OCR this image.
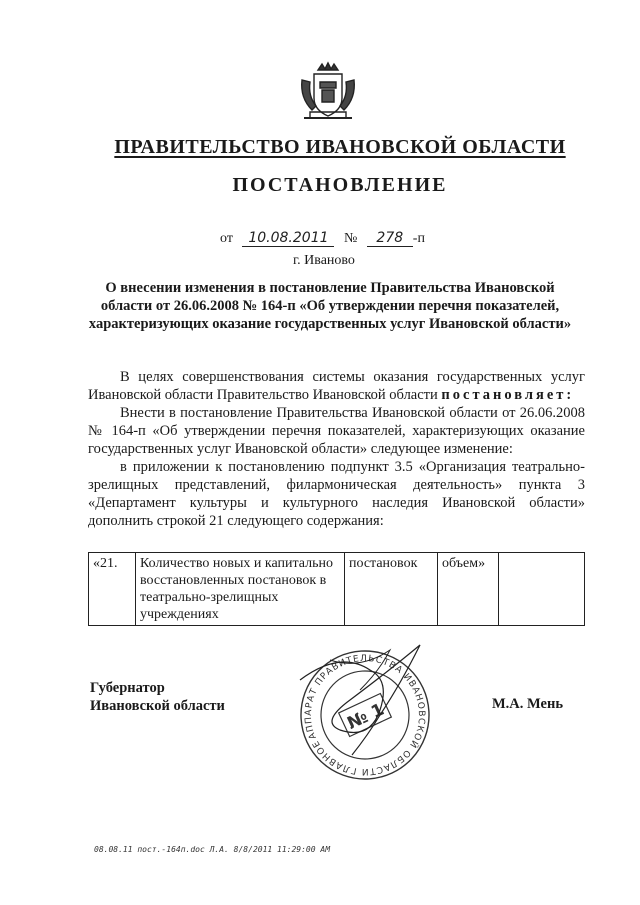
ПРАВИТЕЛЬСТВО ИВАНОВСКОЙ ОБЛАСТИ
ПОСТАНОВЛЕНИЕ
от 10.08.2011 № 278 -п
г. Иваново
О внесении изменения в постановление Правительства Ивановской области от 26.06.2008 № 164-п «Об утверждении перечня показателей, характеризующих оказание государственных услуг Ивановской области»

В целях совершенствования системы оказания государственных услуг Ивановской области Правительство Ивановской области постановляет:

Внести в постановление Правительства Ивановской области от 26.06.2008 № 164-п «Об утверждении перечня показателей, характеризующих оказание государственных услуг Ивановской области» следующее изменение:

в приложении к постановлению подпункт 3.5 «Организация театрально-зрелищных представлений, филармоническая деятельность» пункта 3 «Департамент культуры и культурного наследия Ивановской области» дополнить строкой 21 следующего содержания:

«21.	Количество новых и капитально восстановленных постановок в театрально-зрелищных учреждениях	постановок	объем»	
Губернатор
Ивановской области	М.А. Мень
АППАРАТ ПРАВИТЕЛЬСТВА ИВАНОВСКОЙ ОБЛАСТИ ГЛАВНОЕ
№ 1
08.08.11 пост.-164п.doc Л.А. 8/8/2011 11:29:00 AM
